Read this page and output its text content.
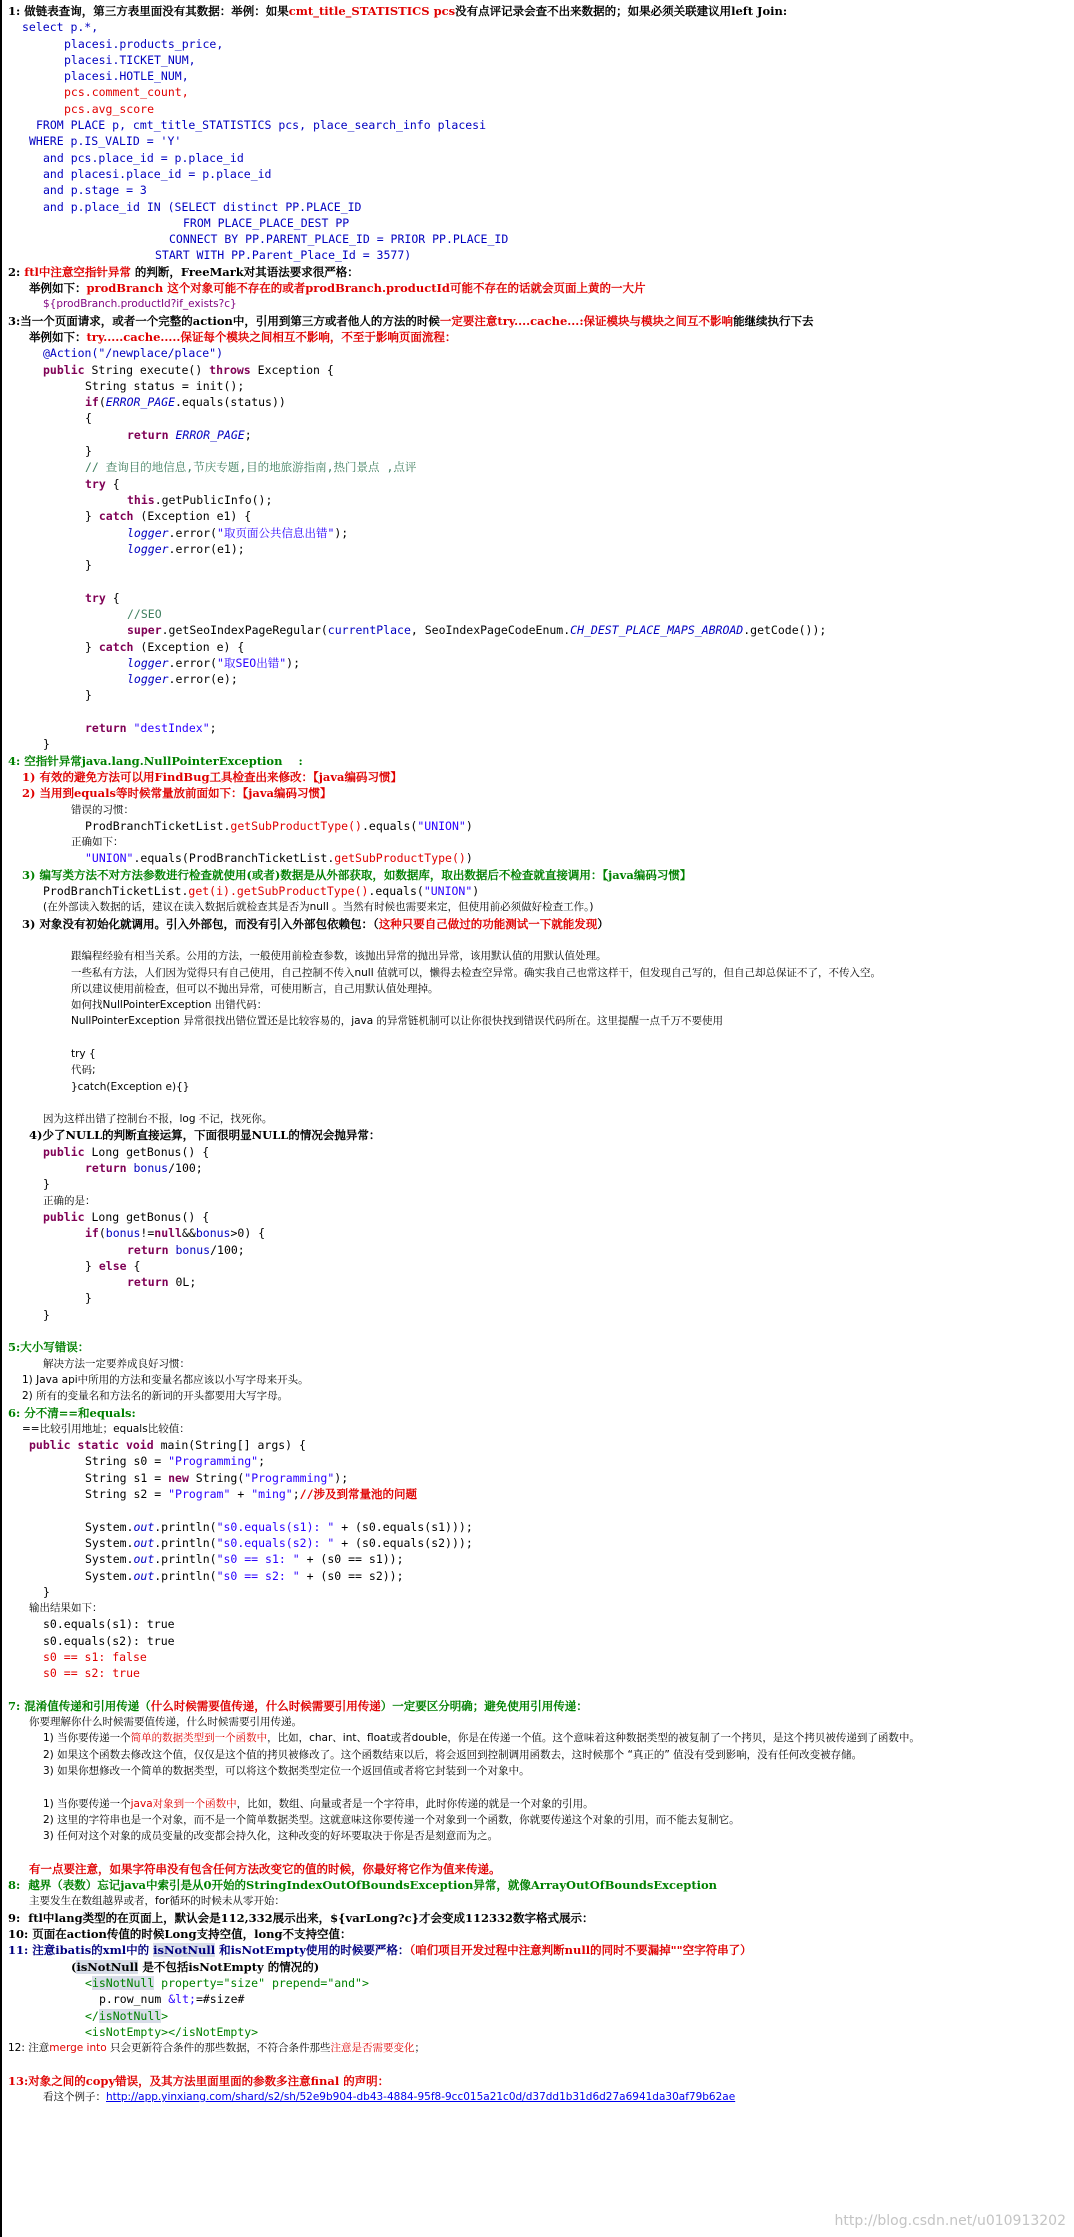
1: 做链表查询，第三方表里面没有其数据：举例：如果cmt_title_STATISTICS pcs没有点评记录会查不出来数据的；如果必须关联建议用left Join:
select p.*,
placesi.products_price,
placesi.TICKET_NUM,
placesi.HOTLE_NUM,
pcs.comment_count,
pcs.avg_score
FROM PLACE p, cmt_title_STATISTICS pcs, place_search_info placesi
WHERE p.IS_VALID = 'Y'
and pcs.place_id = p.place_id
and placesi.place_id = p.place_id
and p.stage = 3
and p.place_id IN (SELECT distinct PP.PLACE_ID
FROM PLACE_PLACE_DEST PP
CONNECT BY PP.PARENT_PLACE_ID = PRIOR PP.PLACE_ID
START WITH PP.Parent_Place_Id = 3577)
2: ftl中注意空指针异常 的判断，FreeMark对其语法要求很严格：
举例如下：prodBranch 这个对象可能不存在的或者prodBranch.productId可能不存在的话就会页面上黄的一大片
${prodBranch.productId?if_exists?c}
3:当一个页面请求，或者一个完整的action中，引用到第三方或者他人的方法的时候一定要注意try....cache...:保证模块与模块之间互不影响能继续执行下去
举例如下：try.....cache.....保证每个模块之间相互不影响，不至于影响页面流程：
@Action("/newplace/place")
public String execute() throws Exception {
String status = init();
if(ERROR_PAGE.equals(status))
{
return ERROR_PAGE;
}
// 查询目的地信息,节庆专题,目的地旅游指南,热门景点 ,点评
try {
this.getPublicInfo();
} catch (Exception e1) {
logger.error("取页面公共信息出错");
logger.error(e1);
}
try {
//SEO
super.getSeoIndexPageRegular(currentPlace, SeoIndexPageCodeEnum.CH_DEST_PLACE_MAPS_ABROAD.getCode());
} catch (Exception e) {
logger.error("取SEO出错");
logger.error(e);
}
return "destIndex";
}
4: 空指针异常java.lang.NullPointerException    :
1) 有效的避免方法可以用FindBug工具检查出来修改：【java编码习惯】
2) 当用到equals等时候常量放前面如下：【java编码习惯】
错误的习惯：
ProdBranchTicketList.getSubProductType().equals("UNION")
正确如下：
"UNION".equals(ProdBranchTicketList.getSubProductType())
3) 编写类方法不对方法参数进行检查就使用(或者)数据是从外部获取，如数据库，取出数据后不检查就直接调用：【java编码习惯】
ProdBranchTicketList.get(i).getSubProductType().equals("UNION")
(在外部读入数据的话，建议在读入数据后就检查其是否为null 。当然有时候也需要来定，但使用前必须做好检查工作。)
3) 对象没有初始化就调用。引入外部包，而没有引入外部包依赖包：（这种只要自己做过的功能测试一下就能发现）
跟编程经验有相当关系。公用的方法，一般使用前检查参数，该抛出异常的抛出异常，该用默认值的用默认值处理。
一些私有方法，人们因为觉得只有自己使用，自己控制不传入null 值就可以，懒得去检查空异常。确实我自己也常这样干，但发现自己写的，但自己却总保证不了，不传入空。
所以建议使用前检查，但可以不抛出异常，可使用断言，自己用默认值处理掉。
如何找NullPointerException 出错代码：
NullPointerException 异常很找出错位置还是比较容易的，java 的异常链机制可以让你很快找到错误代码所在。这里提醒一点千万不要使用
try {
代码;
}catch(Exception e){}
因为这样出错了控制台不报，log 不记，找死你。
4)少了NULL的判断直接运算，下面很明显NULL的情况会抛异常：
public Long getBonus() {
return bonus/100;
}
正确的是：
public Long getBonus() {
if(bonus!=null&&bonus>0) {
return bonus/100;
} else {
return 0L;
}
}
5:大小写错误：
解决方法一定要养成良好习惯：
1) Java api中所用的方法和变量名都应该以小写字母来开头。
2) 所有的变量名和方法名的新词的开头都要用大写字母。
6: 分不清==和equals:
==比较引用地址；equals比较值：
public static void main(String[] args) {
String s0 = "Programming";
String s1 = new String("Programming");
String s2 = "Program" + "ming";//涉及到常量池的问题
System.out.println("s0.equals(s1): " + (s0.equals(s1)));
System.out.println("s0.equals(s2): " + (s0.equals(s2)));
System.out.println("s0 == s1: " + (s0 == s1));
System.out.println("s0 == s2: " + (s0 == s2));
}
输出结果如下：
s0.equals(s1): true
s0.equals(s2): true
s0 == s1: false
s0 == s2: true
7: 混淆值传递和引用传递（什么时候需要值传递，什么时候需要引用传递）一定要区分明确；避免使用引用传递：
你要理解你什么时候需要值传递，什么时候需要引用传递。
1) 当你要传递一个简单的数据类型到一个函数中，比如，char、int、float或者double，你是在传递一个值。这个意味着这种数据类型的被复制了一个拷贝，是这个拷贝被传递到了函数中。
2) 如果这个函数去修改这个值，仅仅是这个值的拷贝被修改了。这个函数结束以后，将会返回到控制调用函数去，这时候那个 “真正的” 值没有受到影响，没有任何改变被存储。
3) 如果你想修改一个简单的数据类型，可以将这个数据类型定位一个返回值或者将它封装到一个对象中。
1) 当你要传递一个java对象到一个函数中，比如，数组、向量或者是一个字符串，此时你传递的就是一个对象的引用。
2) 这里的字符串也是一个对象，而不是一个简单数据类型。这就意味这你要传递一个对象到一个函数，你就要传递这个对象的引用，而不能去复制它。
3) 任何对这个对象的成员变量的改变都会持久化，这种改变的好坏要取决于你是否是刻意而为之。
有一点要注意，如果字符串没有包含任何方法改变它的值的时候，你最好将它作为值来传递。
8:  越界（表数）忘记java中索引是从0开始的StringIndexOutOfBoundsException异常，就像ArrayOutOfBoundsException
主要发生在数组越界或者，for循环的时候未从零开始：
9:  ftl中lang类型的在页面上，默认会是112,332展示出来，${varLong?c}才会变成112332数字格式展示：
10: 页面在action传值的时候Long支持空值，long不支持空值：
11: 注意ibatis的xml中的 isNotNull 和isNotEmpty使用的时候要严格：（咱们项目开发过程中注意判断null的同时不要漏掉""空字符串了）
(isNotNull 是不包括isNotEmpty 的情况的)
<isNotNull property="size" prepend="and">
p.row_num &lt;=#size#
</isNotNull>
<isNotEmpty></isNotEmpty>
12: 注意merge into 只会更新符合条件的那些数据，不符合条件那些注意是否需要变化；
13:对象之间的copy错误，及其方法里面里面的参数多注意final 的声明：
看这个例子：http://app.yinxiang.com/shard/s2/sh/52e9b904-db43-4884-95f8-9cc015a21c0d/d37dd1b31d6d27a6941da30af79b62ae
http://blog.csdn.net/u010913202
